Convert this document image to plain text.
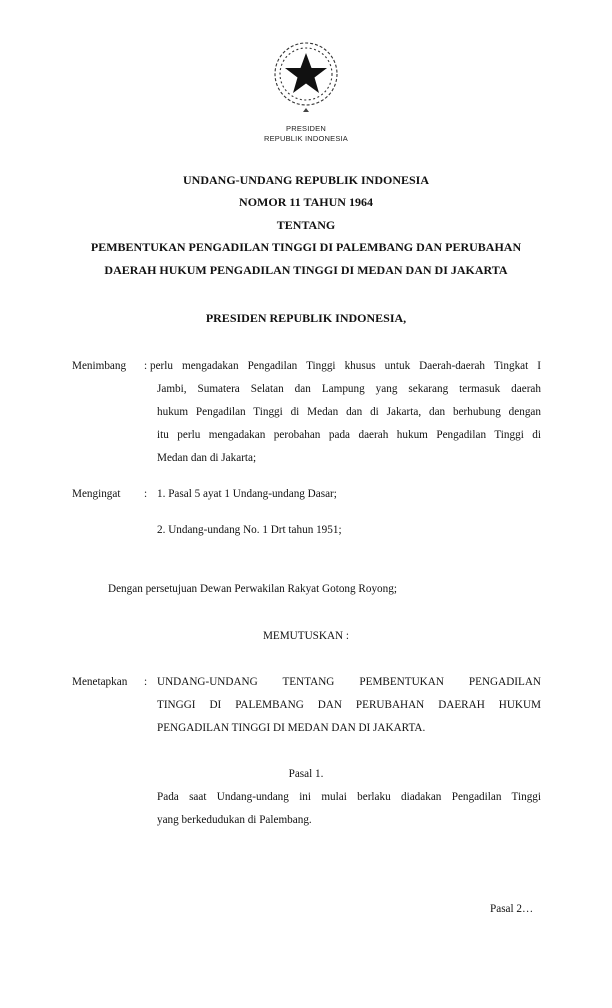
PRESIDEN
REPUBLIK INDONESIA
UNDANG-UNDANG REPUBLIK INDONESIA
NOMOR 11 TAHUN 1964
TENTANG
PEMBENTUKAN PENGADILAN TINGGI DI PALEMBANG DAN PERUBAHAN
DAERAH HUKUM PENGADILAN TINGGI DI MEDAN DAN DI JAKARTA
PRESIDEN REPUBLIK INDONESIA,
Menimbang : perlu mengadakan Pengadilan Tinggi khusus untuk Daerah-daerah Tingkat I
Jambi, Sumatera Selatan dan Lampung yang sekarang termasuk daerah
hukum Pengadilan Tinggi di Medan dan di Jakarta, dan berhubung dengan
itu perlu mengadakan perobahan pada daerah hukum Pengadilan Tinggi di
Medan dan di Jakarta;
Mengingat : 1. Pasal 5 ayat 1 Undang-undang Dasar;
2. Undang-undang No. 1 Drt tahun 1951;
Dengan persetujuan Dewan Perwakilan Rakyat Gotong Royong;
MEMUTUSKAN :
Menetapkan : UNDANG-UNDANG TENTANG PEMBENTUKAN PENGADILAN
TINGGI DI PALEMBANG DAN PERUBAHAN DAERAH HUKUM
PENGADILAN TINGGI DI MEDAN DAN DI JAKARTA.
Pasal 1.
Pada saat Undang-undang ini mulai berlaku diadakan Pengadilan Tinggi
yang berkedudukan di Palembang.
Pasal 2…
